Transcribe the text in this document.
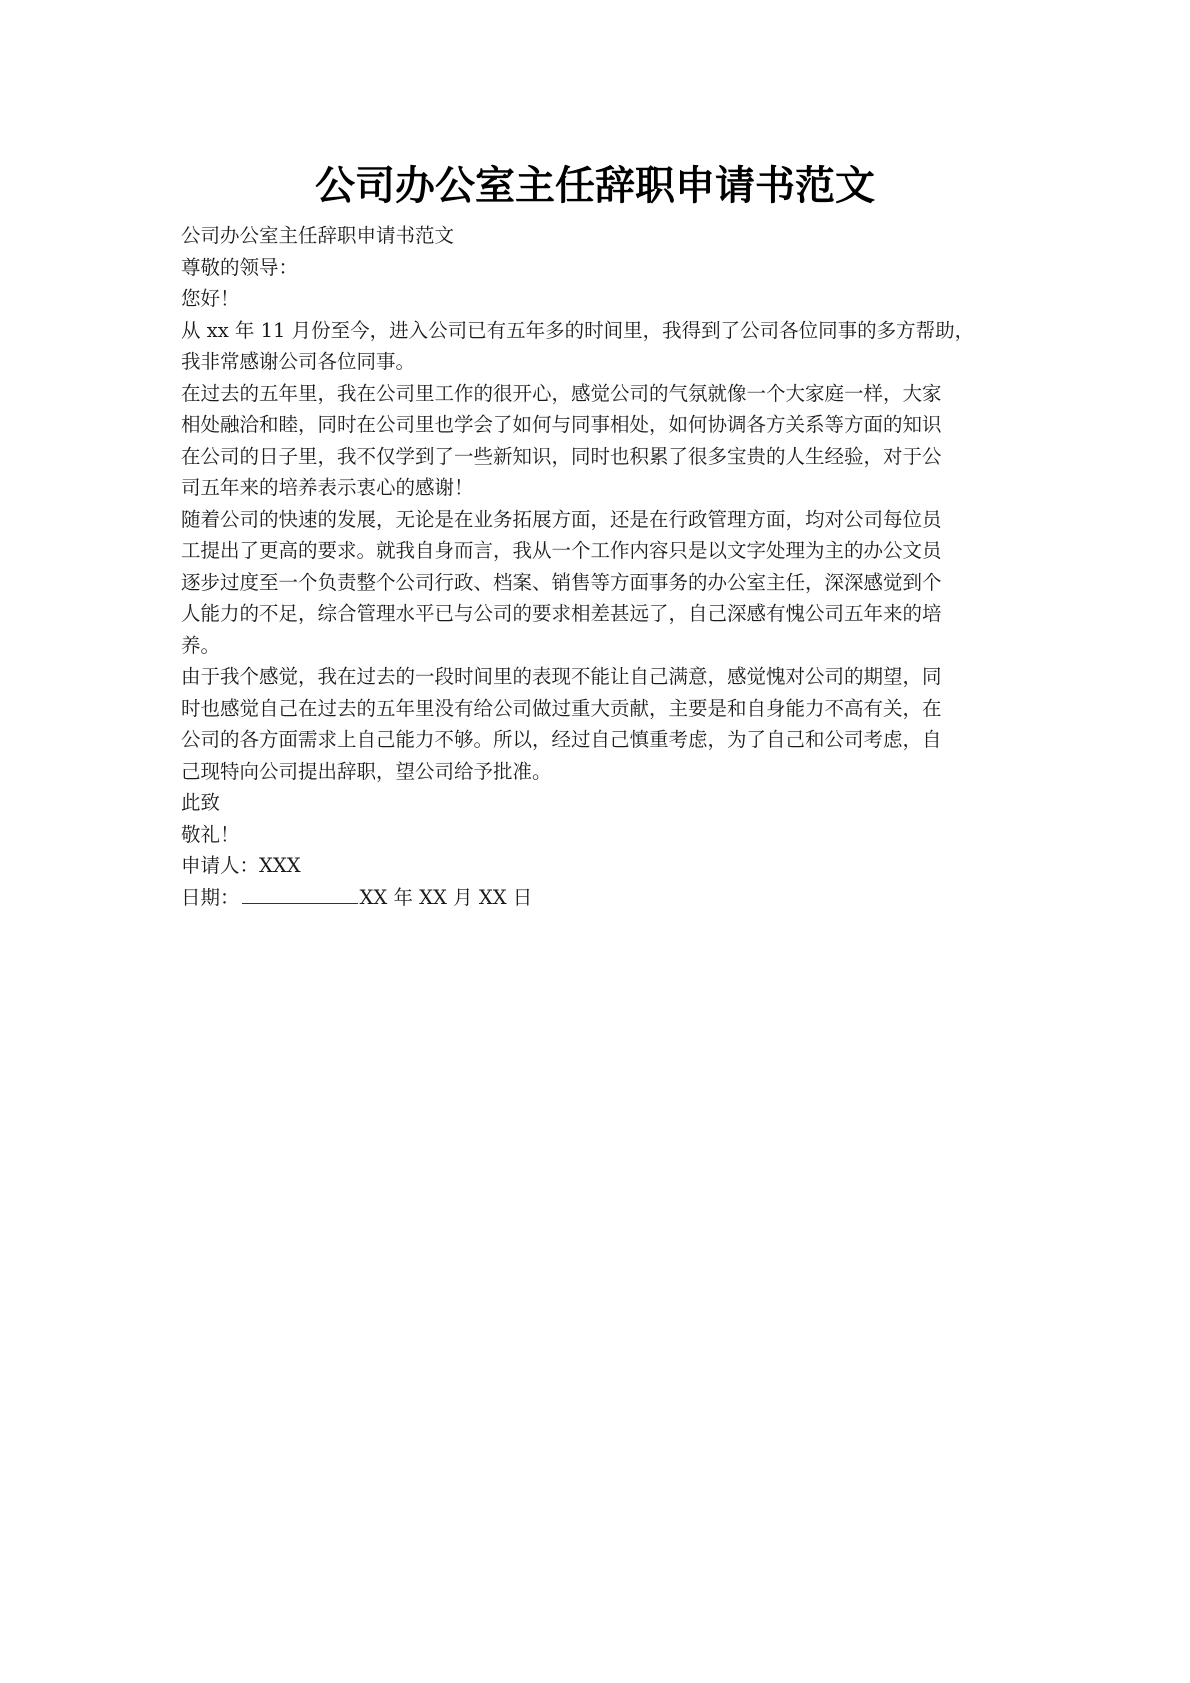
公司办公室主任辞职申请书范文
公司办公室主任辞职申请书范文
尊敬的领导：
您好！
从 xx 年 11 月份至今，进入公司已有五年多的时间里，我得到了公司各位同事的多方帮助，
我非常感谢公司各位同事。
在过去的五年里，我在公司里工作的很开心，感觉公司的气氛就像一个大家庭一样，大家
相处融洽和睦，同时在公司里也学会了如何与同事相处，如何协调各方关系等方面的知识
在公司的日子里，我不仅学到了一些新知识，同时也积累了很多宝贵的人生经验，对于公
司五年来的培养表示衷心的感谢！
随着公司的快速的发展，无论是在业务拓展方面，还是在行政管理方面，均对公司每位员
工提出了更高的要求。就我自身而言，我从一个工作内容只是以文字处理为主的办公文员
逐步过度至一个负责整个公司行政、档案、销售等方面事务的办公室主任，深深感觉到个
人能力的不足，综合管理水平已与公司的要求相差甚远了，自己深感有愧公司五年来的培
养。
由于我个感觉，我在过去的一段时间里的表现不能让自己满意，感觉愧对公司的期望，同
时也感觉自己在过去的五年里没有给公司做过重大贡献，主要是和自身能力不高有关，在
公司的各方面需求上自己能力不够。所以，经过自己慎重考虑，为了自己和公司考虑，自
己现特向公司提出辞职，望公司给予批准。
此致
敬礼！
申请人：XXX
日期：	XX 年 XX 月 XX 日
